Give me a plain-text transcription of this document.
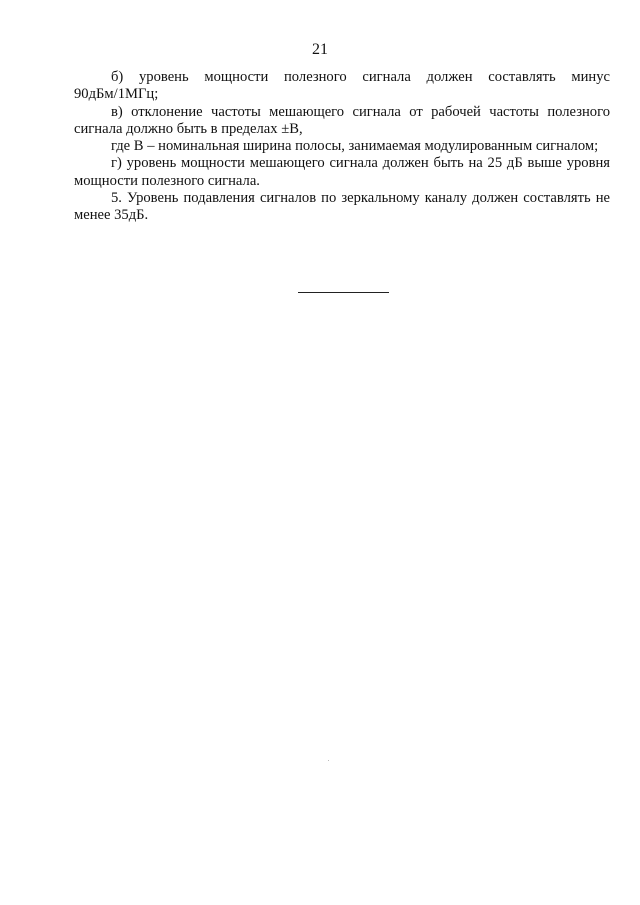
21

б) уровень мощности полезного сигнала должен составлять минус 90дБм/1МГц;

в) отклонение частоты мешающего сигнала от рабочей частоты полезного сигнала должно быть в пределах ±В,

где В – номинальная ширина полосы, занимаемая модулированным сигналом;

г) уровень мощности мешающего сигнала должен быть на 25 дБ выше уровня мощности полезного сигнала.

5. Уровень подавления сигналов по зеркальному каналу должен составлять не менее 35дБ.
